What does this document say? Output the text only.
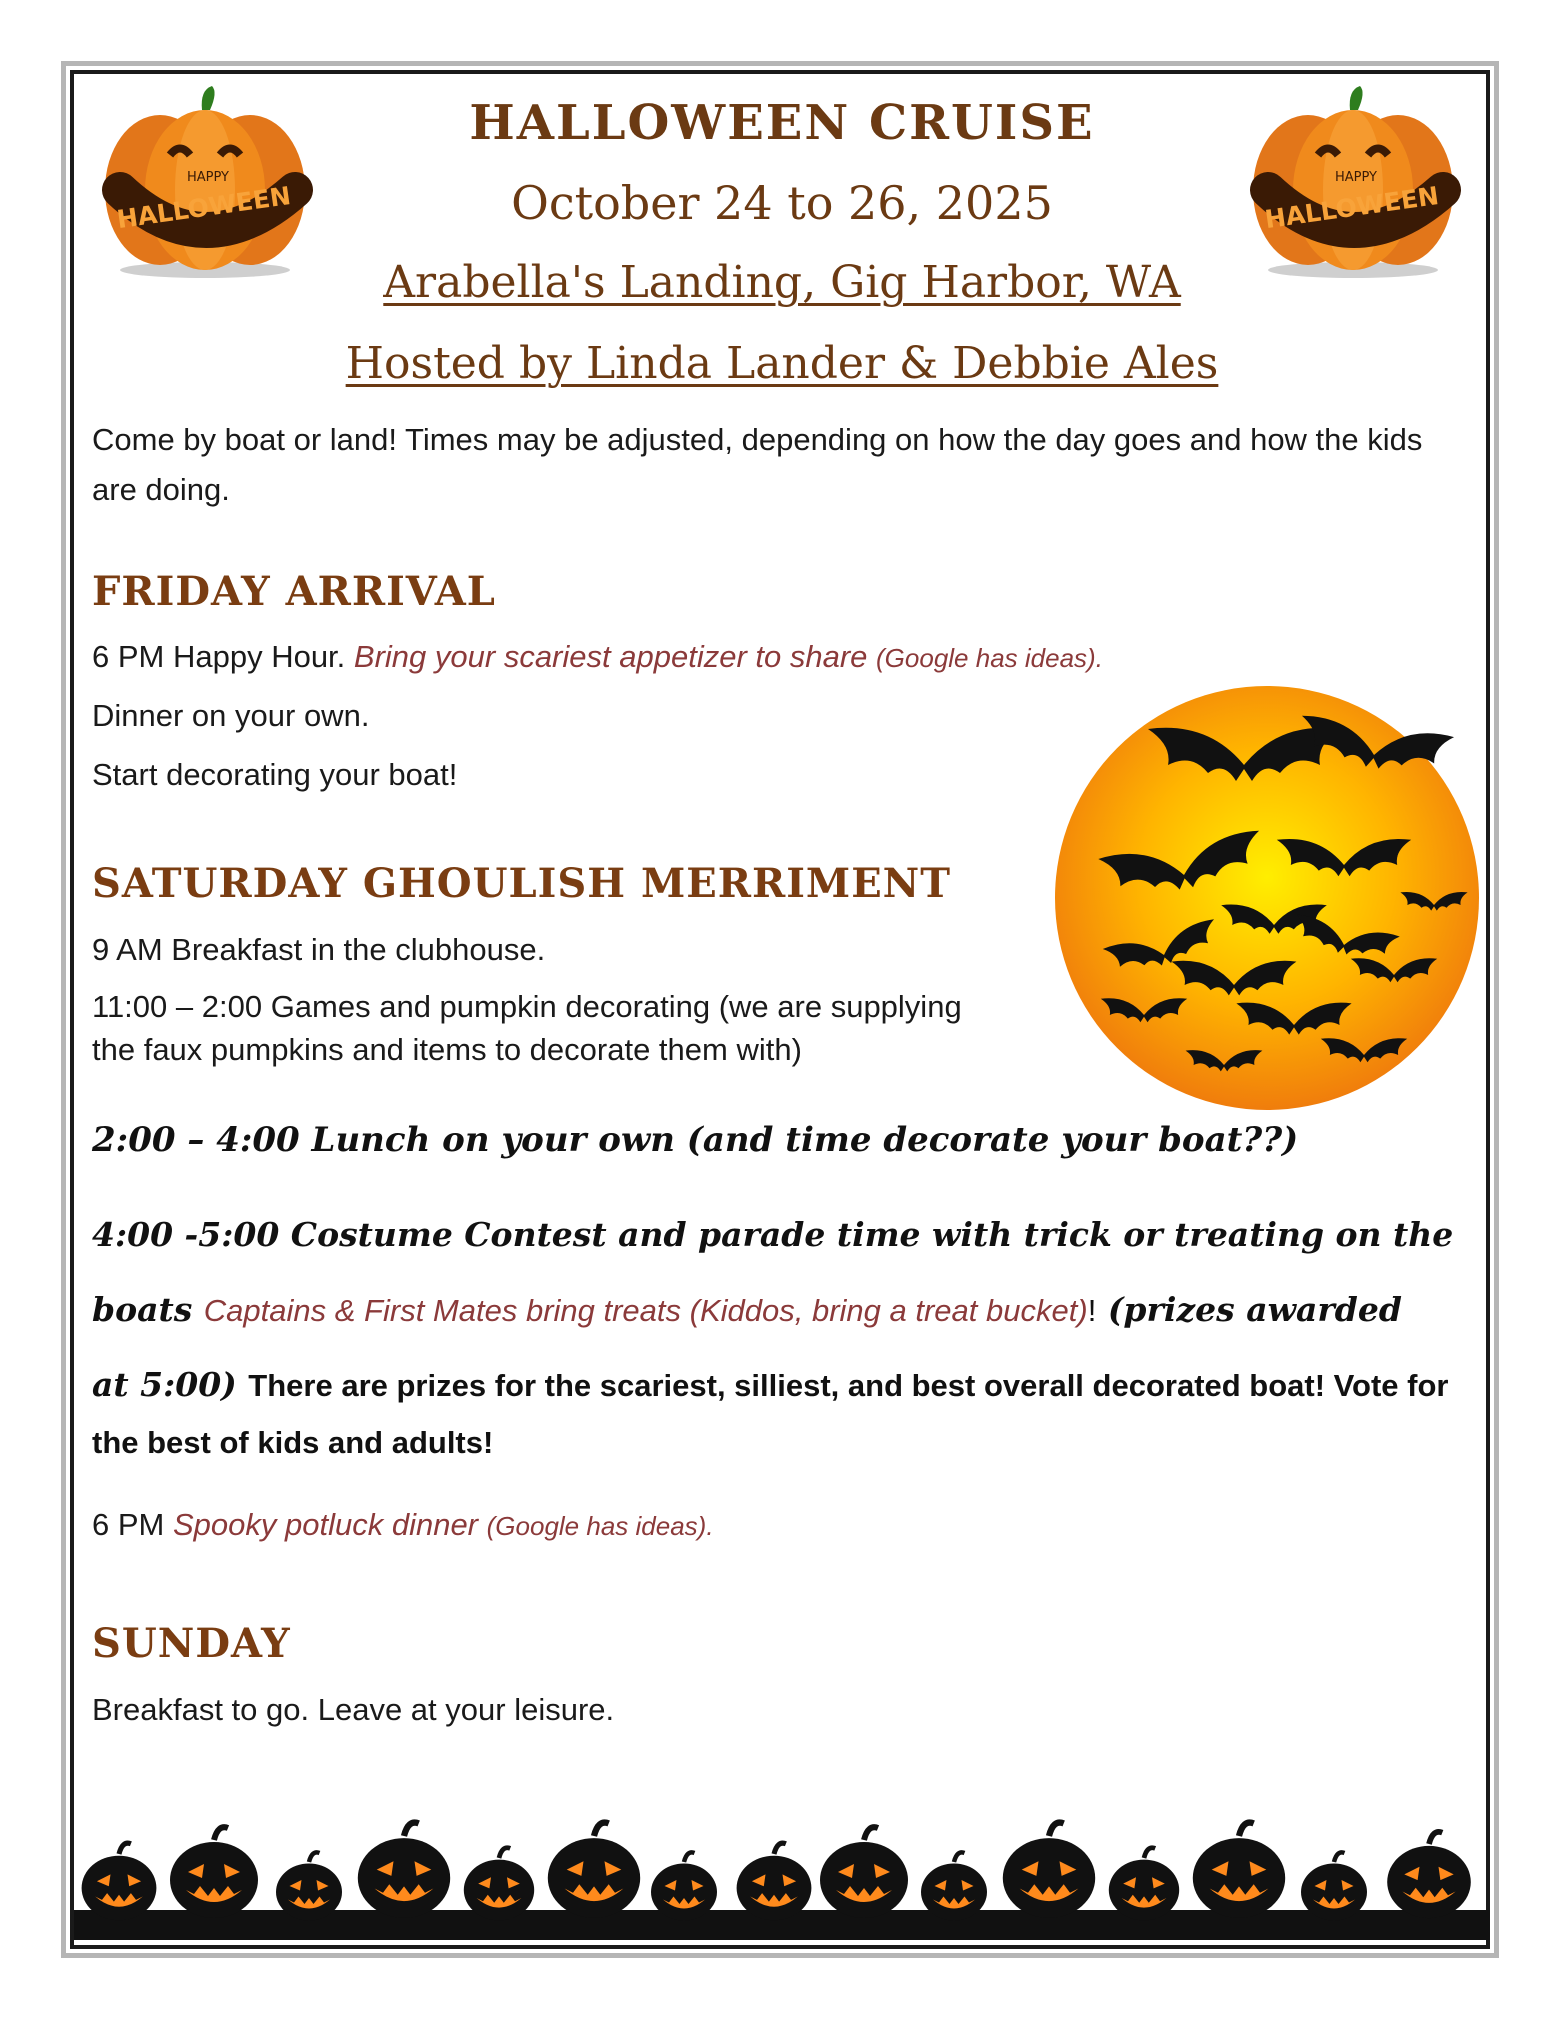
HAPPY
HALLOWEEN
HAPPY
HALLOWEEN
HALLOWEEN CRUISE
October 24 to 26, 2025
Arabella's Landing, Gig Harbor, WA
Hosted by Linda Lander & Debbie Ales

Come by boat or land! Times may be adjusted, depending on how the day goes and how the kids are doing.

FRIDAY ARRIVAL

6 PM Happy Hour. Bring your scariest appetizer to share (Google has ideas).

Dinner on your own.

Start decorating your boat!

SATURDAY GHOULISH MERRIMENT

9 AM Breakfast in the clubhouse.

11:00 – 2:00 Games and pumpkin decorating (we are supplying
the faux pumpkins and items to decorate them with)

2:00 – 4:00 Lunch on your own (and time decorate your boat??)

4:00 -5:00 Costume Contest and parade time with trick or treating on the

boats Captains & First Mates bring treats (Kiddos, bring a treat bucket)! (prizes awarded

at 5:00) There are prizes for the scariest, silliest, and best overall decorated boat! Vote for

the best of kids and adults!

6 PM Spooky potluck dinner (Google has ideas).

SUNDAY

Breakfast to go. Leave at your leisure.
